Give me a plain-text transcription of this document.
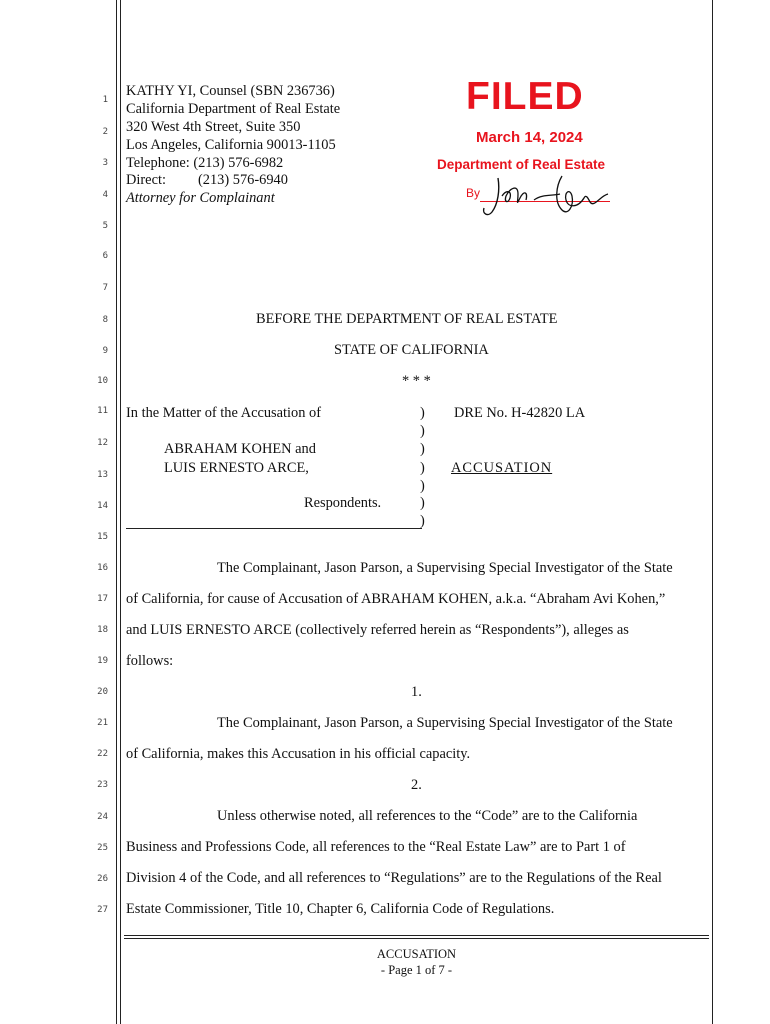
1
2
3
4
5
6
7
8
9
10
11
12
13
14
15
16
17
18
19
20
21
22
23
24
25
26
27
KATHY YI, Counsel (SBN 236736)
California Department of Real Estate
320 West 4th Street, Suite 350
Los Angeles, California 90013-1105
Telephone: (213) 576-6982
Direct: (213) 576-6940
Attorney for Complainant
FILED
March 14, 2024
Department of Real Estate
By
BEFORE THE DEPARTMENT OF REAL ESTATE
STATE OF CALIFORNIA
* * *
In the Matter of the Accusation of
ABRAHAM KOHEN and
LUIS ERNESTO ARCE,
Respondents.
)
)
)
)
)
)
)
DRE No. H-42820 LA
ACCUSATION
The Complainant, Jason Parson, a Supervising Special Investigator of the State
of California, for cause of Accusation of ABRAHAM KOHEN, a.k.a. “Abraham Avi Kohen,”
and LUIS ERNESTO ARCE (collectively referred herein as “Respondents”), alleges as
follows:
1.
The Complainant, Jason Parson, a Supervising Special Investigator of the State
of California, makes this Accusation in his official capacity.
2.
Unless otherwise noted, all references to the “Code” are to the California
Business and Professions Code, all references to the “Real Estate Law” are to Part 1 of
Division 4 of the Code, and all references to “Regulations” are to the Regulations of the Real
Estate Commissioner, Title 10, Chapter 6, California Code of Regulations.
ACCUSATION
- Page 1 of 7 -
